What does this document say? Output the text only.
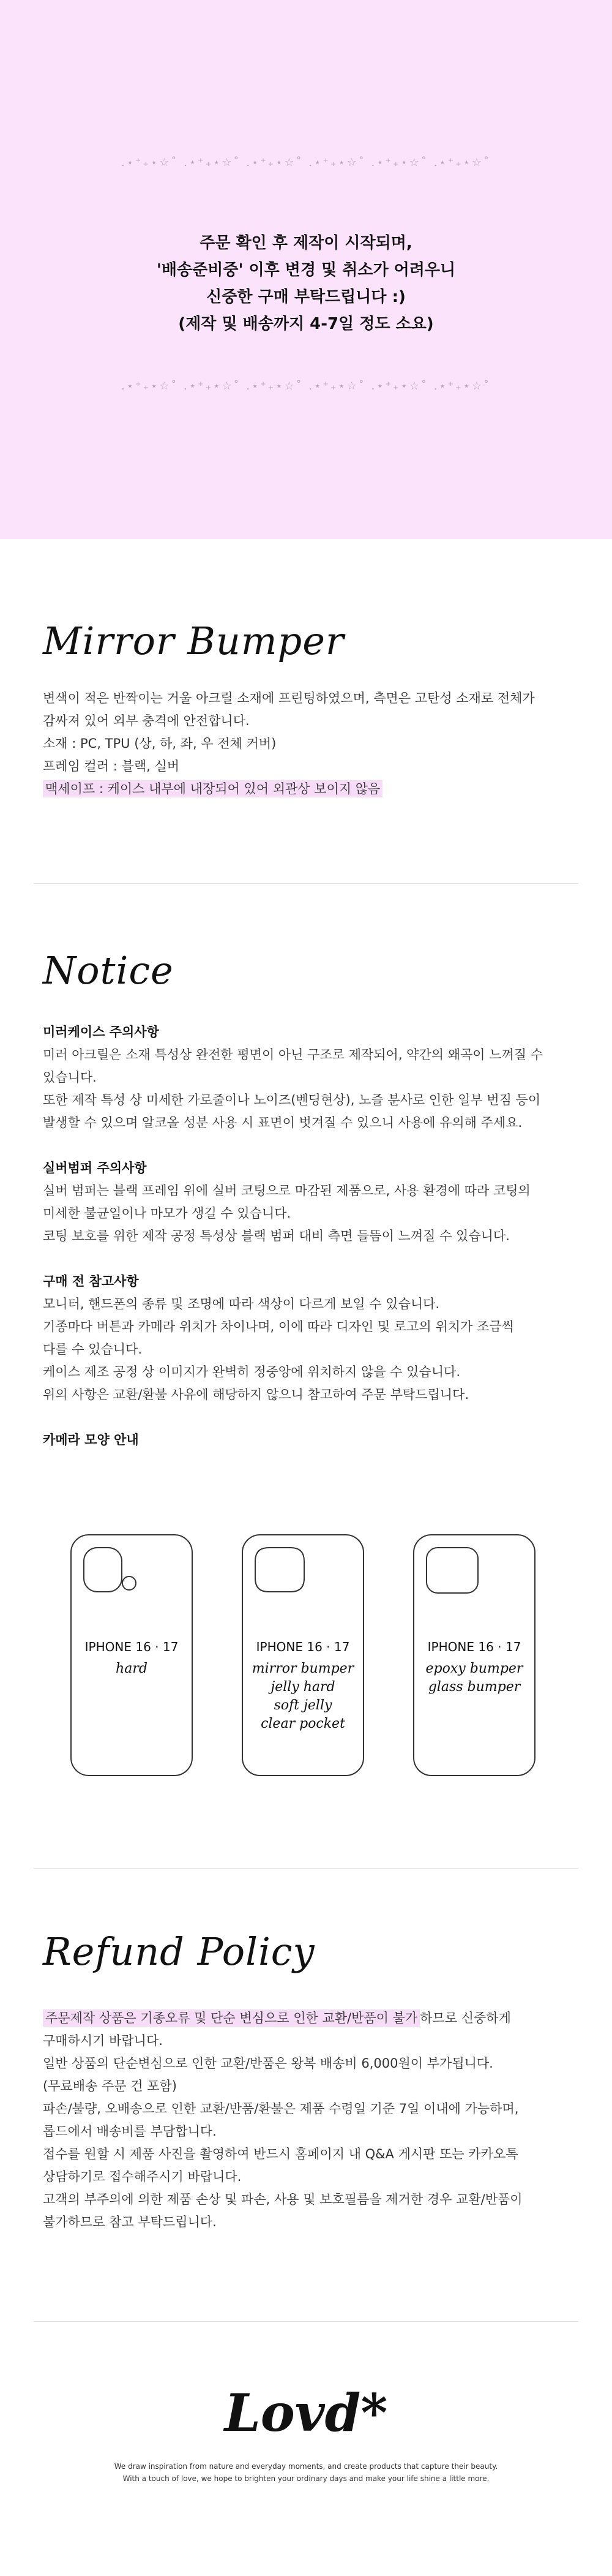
.⋆⁺₊⋆☆˚ .⋆⁺₊⋆☆˚ .⋆⁺₊⋆☆˚ .⋆⁺₊⋆☆˚ .⋆⁺₊⋆☆˚ .⋆⁺₊⋆☆˚
주문 확인 후 제작이 시작되며,
'배송준비중' 이후 변경 및 취소가 어려우니
신중한 구매 부탁드립니다 :)
(제작 및 배송까지 4-7일 정도 소요)
.⋆⁺₊⋆☆˚ .⋆⁺₊⋆☆˚ .⋆⁺₊⋆☆˚ .⋆⁺₊⋆☆˚ .⋆⁺₊⋆☆˚ .⋆⁺₊⋆☆˚
Mirror Bumper

변색이 적은 반짝이는 거울 아크릴 소재에 프린팅하였으며, 측면은 고탄성 소재로 전체가

감싸져 있어 외부 충격에 안전합니다.

소재 : PC, TPU (상, 하, 좌, 우 전체 커버)

프레임 컬러 : 블랙, 실버

맥세이프 : 케이스 내부에 내장되어 있어 외관상 보이지 않음

Notice

미러케이스 주의사항

미러 아크릴은 소재 특성상 완전한 평면이 아닌 구조로 제작되어, 약간의 왜곡이 느껴질 수

있습니다.

또한 제작 특성 상 미세한 가로줄이나 노이즈(벤딩현상), 노즐 분사로 인한 일부 번짐 등이

발생할 수 있으며 알코올 성분 사용 시 표면이 벗겨질 수 있으니 사용에 유의해 주세요.

실버범퍼 주의사항

실버 범퍼는 블랙 프레임 위에 실버 코팅으로 마감된 제품으로, 사용 환경에 따라 코팅의

미세한 불균일이나 마모가 생길 수 있습니다.

코팅 보호를 위한 제작 공정 특성상 블랙 범퍼 대비 측면 들뜸이 느껴질 수 있습니다.

구매 전 참고사항

모니터, 핸드폰의 종류 및 조명에 따라 색상이 다르게 보일 수 있습니다.

기종마다 버튼과 카메라 위치가 차이나며, 이에 따라 디자인 및 로고의 위치가 조금씩

다를 수 있습니다.

케이스 제조 공정 상 이미지가 완벽히 정중앙에 위치하지 않을 수 있습니다.

위의 사항은 교환/환불 사유에 해당하지 않으니 참고하여 주문 부탁드립니다.

카메라 모양 안내

IPHONE 16 · 17
hard
IPHONE 16 · 17
mirror bumper
jelly hard
soft jelly
clear pocket
IPHONE 16 · 17
epoxy bumper
glass bumper
Refund Policy

주문제작 상품은 기종오류 및 단순 변심으로 인한 교환/반품이 불가 하므로 신중하게

구매하시기 바랍니다.

일반 상품의 단순변심으로 인한 교환/반품은 왕복 배송비 6,000원이 부가됩니다.

(무료배송 주문 건 포함)

파손/불량, 오배송으로 인한 교환/반품/환불은 제품 수령일 기준 7일 이내에 가능하며,

롭드에서 배송비를 부담합니다.

접수를 원할 시 제품 사진을 촬영하여 반드시 홈페이지 내 Q&A 게시판 또는 카카오톡

상담하기로 접수해주시기 바랍니다.

고객의 부주의에 의한 제품 손상 및 파손, 사용 및 보호필름을 제거한 경우 교환/반품이

불가하므로 참고 부탁드립니다.

Lovd*
We draw inspiration from nature and everyday moments, and create products that capture their beauty.
With a touch of love, we hope to brighten your ordinary days and make your life shine a little more.
